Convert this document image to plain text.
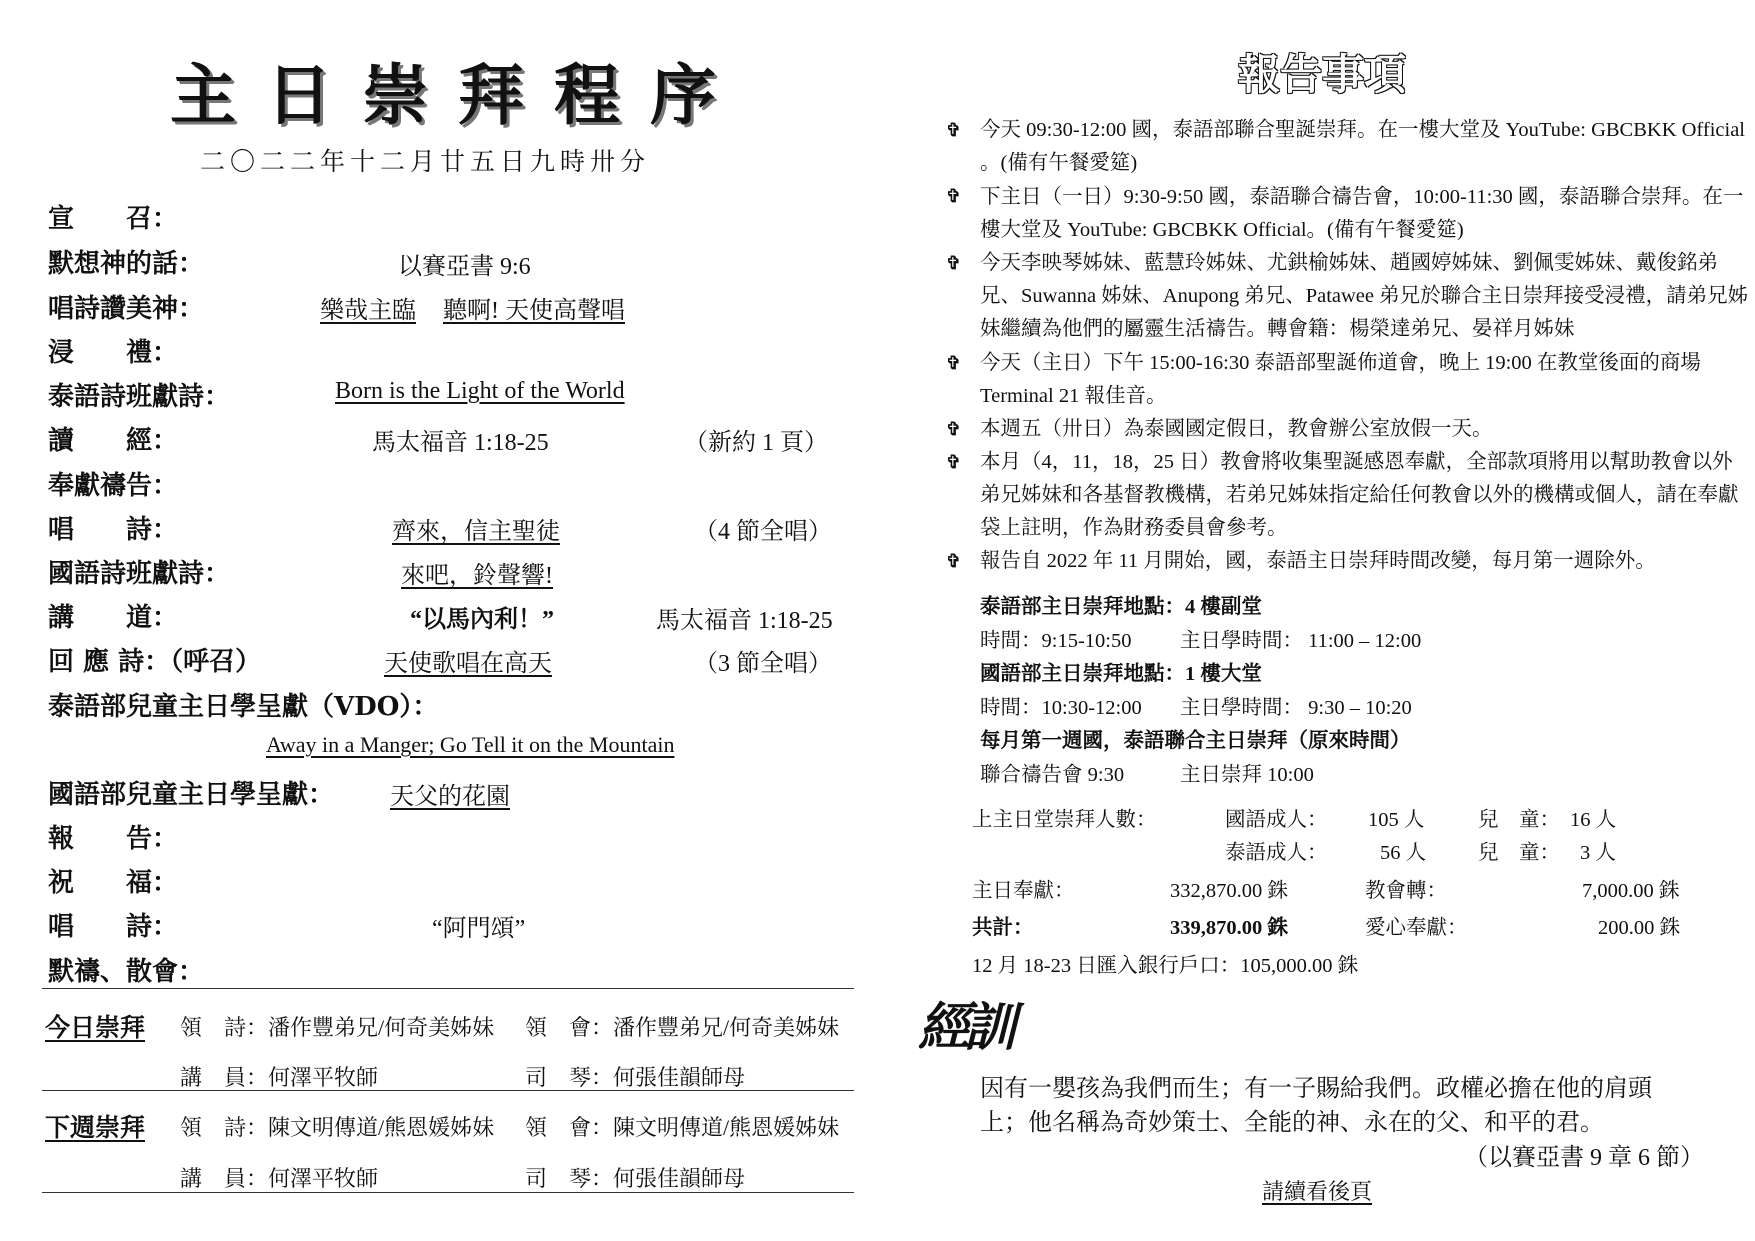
主日崇拜程序
二〇二二年十二月廿五日九時卅分
宣　　召：
默想神的話：	以賽亞書 9:6
唱詩讚美神：	樂哉主臨 聽啊! 天使高聲唱
浸　　禮：
泰語詩班獻詩：	Born is the Light of the World
讀　　經：	馬太福音 1:18-25	（新約 1 頁）
奉獻禱告：
唱　　詩：	齊來，信主聖徒	（4 節全唱）
國語詩班獻詩：	來吧，鈴聲響!
講　　道：	“以馬內利！”	馬太福音 1:18-25
回 應 詩：（呼召）	天使歌唱在高天	（3 節全唱）
泰語部兒童主日學呈獻（VDO）：
Away in a Manger; Go Tell it on the Mountain
國語部兒童主日學呈獻： 天父的花園
報　　告：
祝　　福：
唱　　詩：	“阿門頌”
默禱、散會：
今日崇拜 領　詩：潘作豐弟兄/何奇美姊妹 領　會：潘作豐弟兄/何奇美姊妹
講　員：何澤平牧師	司　琴：何張佳韻師母
下週崇拜 領　詩：陳文明傳道/熊恩媛姊妹 領　會：陳文明傳道/熊恩媛姊妹
講　員：何澤平牧師	司　琴：何張佳韻師母
報告事項
✞ 今天 09:30-12:00 國，泰語部聯合聖誕崇拜。在一樓大堂及 YouTube: GBCBKK Official 。(備有午餐愛筵)
✞ 下主日（一日）9:30-9:50 國，泰語聯合禱告會，10:00-11:30 國，泰語聯合崇拜。在一樓大堂及 YouTube: GBCBKK Official。(備有午餐愛筵)
✞ 今天李映琴姊妹、藍慧玲姊妹、尤鉷榆姊妹、趙國婷姊妹、劉佩雯姊妹、戴俊銘弟兄、Suwanna 姊妹、Anupong 弟兄、Patawee 弟兄於聯合主日崇拜接受浸禮，請弟兄姊妹繼續為他們的屬靈生活禱告。轉會籍：楊榮達弟兄、晏祥月姊妹
✞ 今天（主日）下午 15:00-16:30 泰語部聖誕佈道會，晚上 19:00 在教堂後面的商場 Terminal 21 報佳音。
✞ 本週五（卅日）為泰國國定假日，教會辦公室放假一天。
✞ 本月（4，11，18，25 日）教會將收集聖誕感恩奉獻，全部款項將用以幫助教會以外弟兄姊妹和各基督教機構，若弟兄姊妹指定給任何教會以外的機構或個人，請在奉獻袋上註明，作為財務委員會參考。
✞ 報告自 2022 年 11 月開始，國，泰語主日崇拜時間改變，每月第一週除外。
泰語部主日崇拜地點：4 樓副堂
時間：9:15-10:50 主日學時間： 11:00 – 12:00
國語部主日崇拜地點：1 樓大堂
時間：10:30-12:00 主日學時間： 9:30 – 10:20
每月第一週國，泰語聯合主日崇拜（原來時間）
聯合禱告會 9:30	主日崇拜 10:00
上主日堂崇拜人數：	國語成人： 105 人	兒　童： 16 人
泰語成人：	56 人	兒　童： 3 人
主日奉獻：	332,870.00 銖	教會轉：	7,000.00 銖
共計：	339,870.00 銖	愛心奉獻：	200.00 銖
12 月 18-23 日匯入銀行戶口：105,000.00 銖
經訓
因有一嬰孩為我們而生；有一子賜給我們。政權必擔在他的肩頭
上；他名稱為奇妙策士、全能的神、永在的父、和平的君。
（以賽亞書 9 章 6 節）
請續看後頁
